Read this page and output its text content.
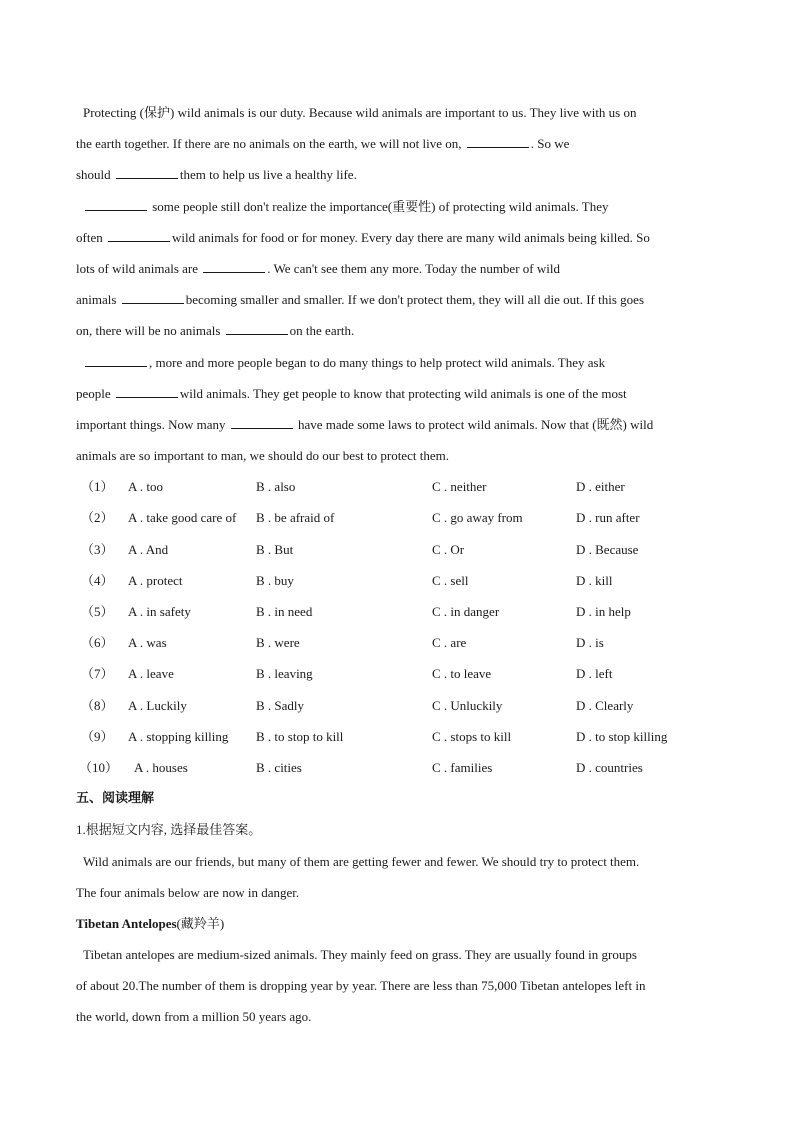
Protecting (保护) wild animals is our duty. Because wild animals are important to us. They live with us on
the earth together. If there are no animals on the earth, we will not live on,	. So we
should	them to help us live a healthy life.
some people still don't realize the importance(重要性) of protecting wild animals. They
often	wild animals for food or for money. Every day there are many wild animals being killed. So
lots of wild animals are	. We can't see them any more. Today the number of wild
animals	becoming smaller and smaller. If we don't protect them, they will all die out. If this goes
on, there will be no animals	on the earth.
, more and more people began to do many things to help protect wild animals. They ask
people	wild animals. They get people to know that protecting wild animals is one of the most
important things. Now many	have made some laws to protect wild animals. Now that (既然) wild
animals are so important to man, we should do our best to protect them.
（1） A . too	B . also	C . neither	D . either
（2） A . take good care of B . be afraid of	C . go away from	D . run after
（3） A . And	B . But	C . Or	D . Because
（4） A . protect	B . buy	C . sell	D . kill
（5） A . in safety	B . in need	C . in danger	D . in help
（6） A . was	B . were	C . are	D . is
（7） A . leave	B . leaving	C . to leave	D . left
（8） A . Luckily	B . Sadly	C . Unluckily	D . Clearly
（9） A . stopping killing B . to stop to kill	C . stops to kill	D . to stop killing
（10） A . houses	B . cities	C . families	D . countries
五、阅读理解
1.根据短文内容, 选择最佳答案。
Wild animals are our friends, but many of them are getting fewer and fewer. We should try to protect them.
The four animals below are now in danger.
Tibetan Antelopes(藏羚羊)
Tibetan antelopes are medium-sized animals. They mainly feed on grass. They are usually found in groups
of about 20.The number of them is dropping year by year. There are less than 75,000 Tibetan antelopes left in
the world, down from a million 50 years ago.
